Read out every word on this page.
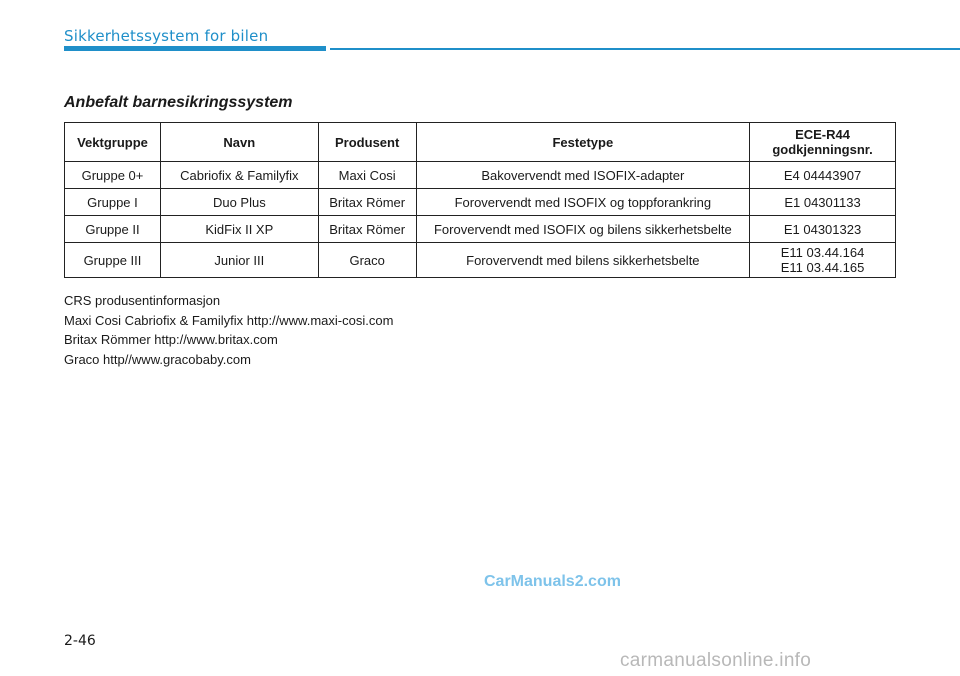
Sikkerhetssystem for bilen
Anbefalt barnesikringssystem
Vektgruppe	Navn	Produsent	Festetype	ECE-R44
godkjenningsnr.
Gruppe 0+	Cabriofix & Familyfix	Maxi Cosi	Bakovervendt med ISOFIX-adapter	E4 04443907
Gruppe I	Duo Plus	Britax Römer	Forovervendt med ISOFIX og toppforankring	E1 04301133
Gruppe II	KidFix II XP	Britax Römer	Forovervendt med ISOFIX og bilens sikkerhetsbelte	E1 04301323
Gruppe III	Junior III	Graco	Forovervendt med bilens sikkerhetsbelte	E11 03.44.164
E11 03.44.165
CRS produsentinformasjon
Maxi Cosi Cabriofix & Familyfix http://www.maxi-cosi.com
Britax Römmer http://www.britax.com
Graco http//www.gracobaby.com
CarManuals2.com
2-46
carmanualsonline.info
